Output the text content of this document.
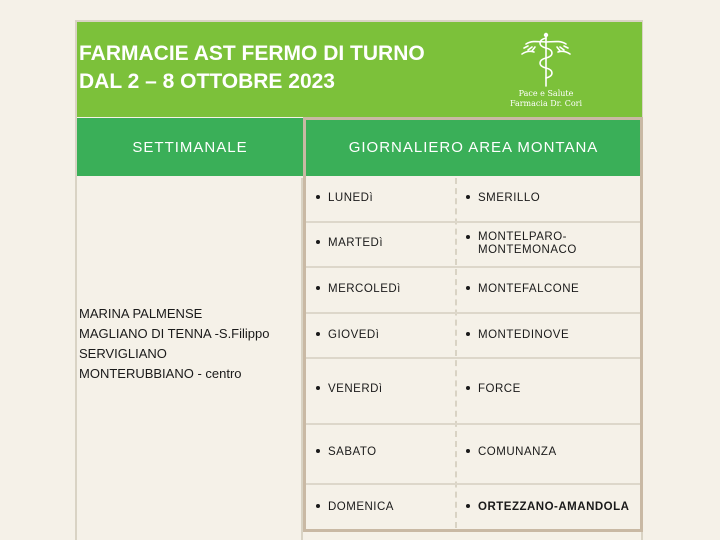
FARMACIE AST FERMO DI TURNO
DAL 2 – 8 OTTOBRE 2023
Pace e Salute
Farmacia Dr. Cori
SETTIMANALE	GIORNALIERO AREA MONTANA
MARINA PALMENSE
MAGLIANO DI TENNA -S.Filippo
SERVIGLIANO
MONTERUBBIANO - centro
LUNEDì	SMERILLO
MARTEDì	MONTELPARO-
MONTEMONACO
MERCOLEDì	MONTEFALCONE
GIOVEDì	MONTEDINOVE
VENERDì	FORCE
SABATO	COMUNANZA
DOMENICA	ORTEZZANO-AMANDOLA
